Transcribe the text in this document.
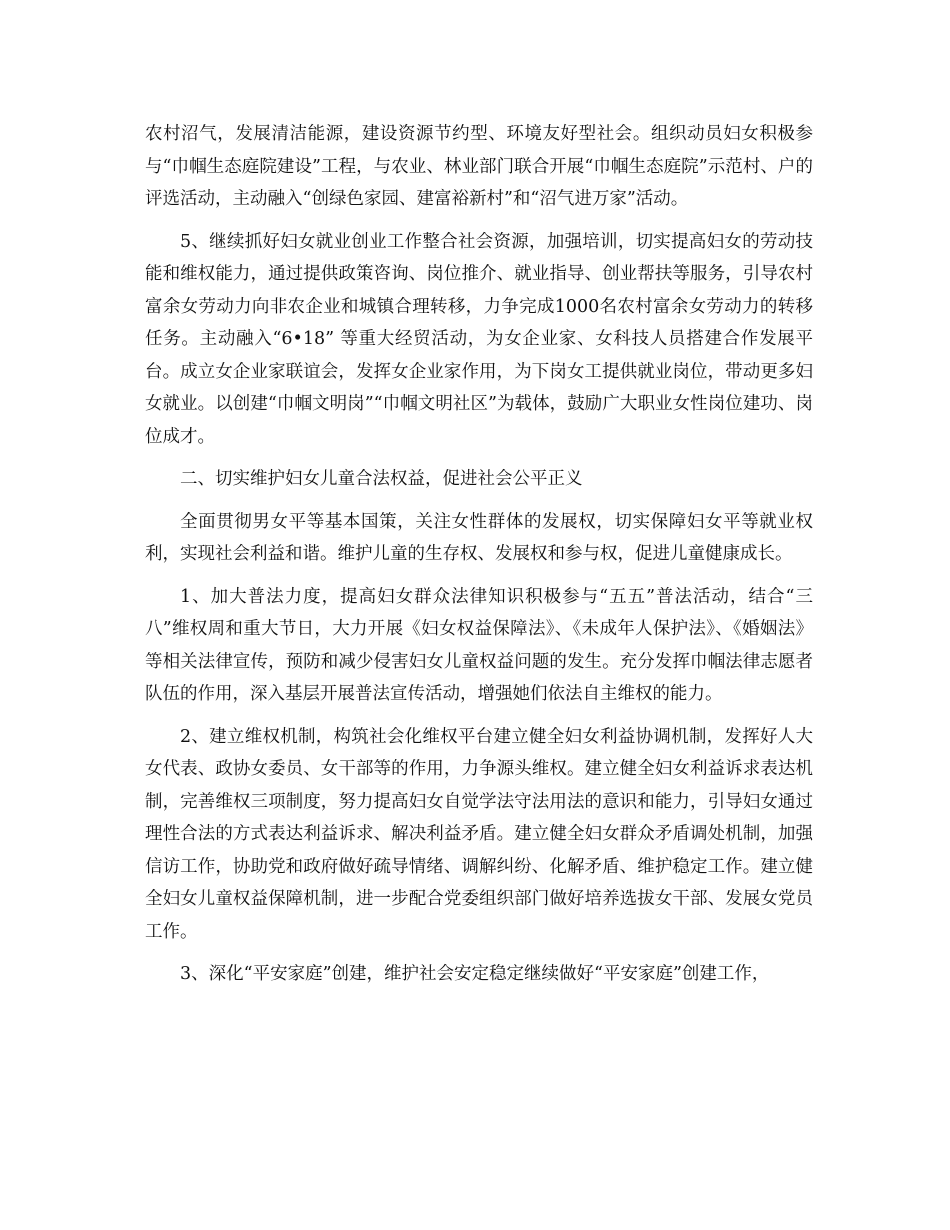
农村沼气，发展清洁能源，建设资源节约型、环境友好型社会。组织动员妇女积极参与“巾帼生态庭院建设”工程，与农业、林业部门联合开展“巾帼生态庭院”示范村、户的评选活动，主动融入“创绿色家园、建富裕新村”和“沼气进万家”活动。

5、继续抓好妇女就业创业工作整合社会资源，加强培训，切实提高妇女的劳动技能和维权能力，通过提供政策咨询、岗位推介、就业指导、创业帮扶等服务，引导农村富余女劳动力向非农企业和城镇合理转移，力争完成1000名农村富余女劳动力的转移任务。主动融入“6•18” 等重大经贸活动，为女企业家、女科技人员搭建合作发展平台。成立女企业家联谊会，发挥女企业家作用，为下岗女工提供就业岗位，带动更多妇女就业。以创建“巾帼文明岗”“巾帼文明社区”为载体，鼓励广大职业女性岗位建功、岗位成才。

二、切实维护妇女儿童合法权益，促进社会公平正义

全面贯彻男女平等基本国策，关注女性群体的发展权，切实保障妇女平等就业权利，实现社会利益和谐。维护儿童的生存权、发展权和参与权，促进儿童健康成长。

1、加大普法力度，提高妇女群众法律知识积极参与“五五”普法活动，结合“三八”维权周和重大节日，大力开展《妇女权益保障法》、《未成年人保护法》、《婚姻法》等相关法律宣传，预防和减少侵害妇女儿童权益问题的发生。充分发挥巾帼法律志愿者队伍的作用，深入基层开展普法宣传活动，增强她们依法自主维权的能力。

2、建立维权机制，构筑社会化维权平台建立健全妇女利益协调机制，发挥好人大女代表、政协女委员、女干部等的作用，力争源头维权。建立健全妇女利益诉求表达机制，完善维权三项制度，努力提高妇女自觉学法守法用法的意识和能力，引导妇女通过理性合法的方式表达利益诉求、解决利益矛盾。建立健全妇女群众矛盾调处机制，加强信访工作，协助党和政府做好疏导情绪、调解纠纷、化解矛盾、维护稳定工作。建立健全妇女儿童权益保障机制，进一步配合党委组织部门做好培养选拔女干部、发展女党员工作。

3、深化“平安家庭”创建，维护社会安定稳定继续做好“平安家庭”创建工作，
